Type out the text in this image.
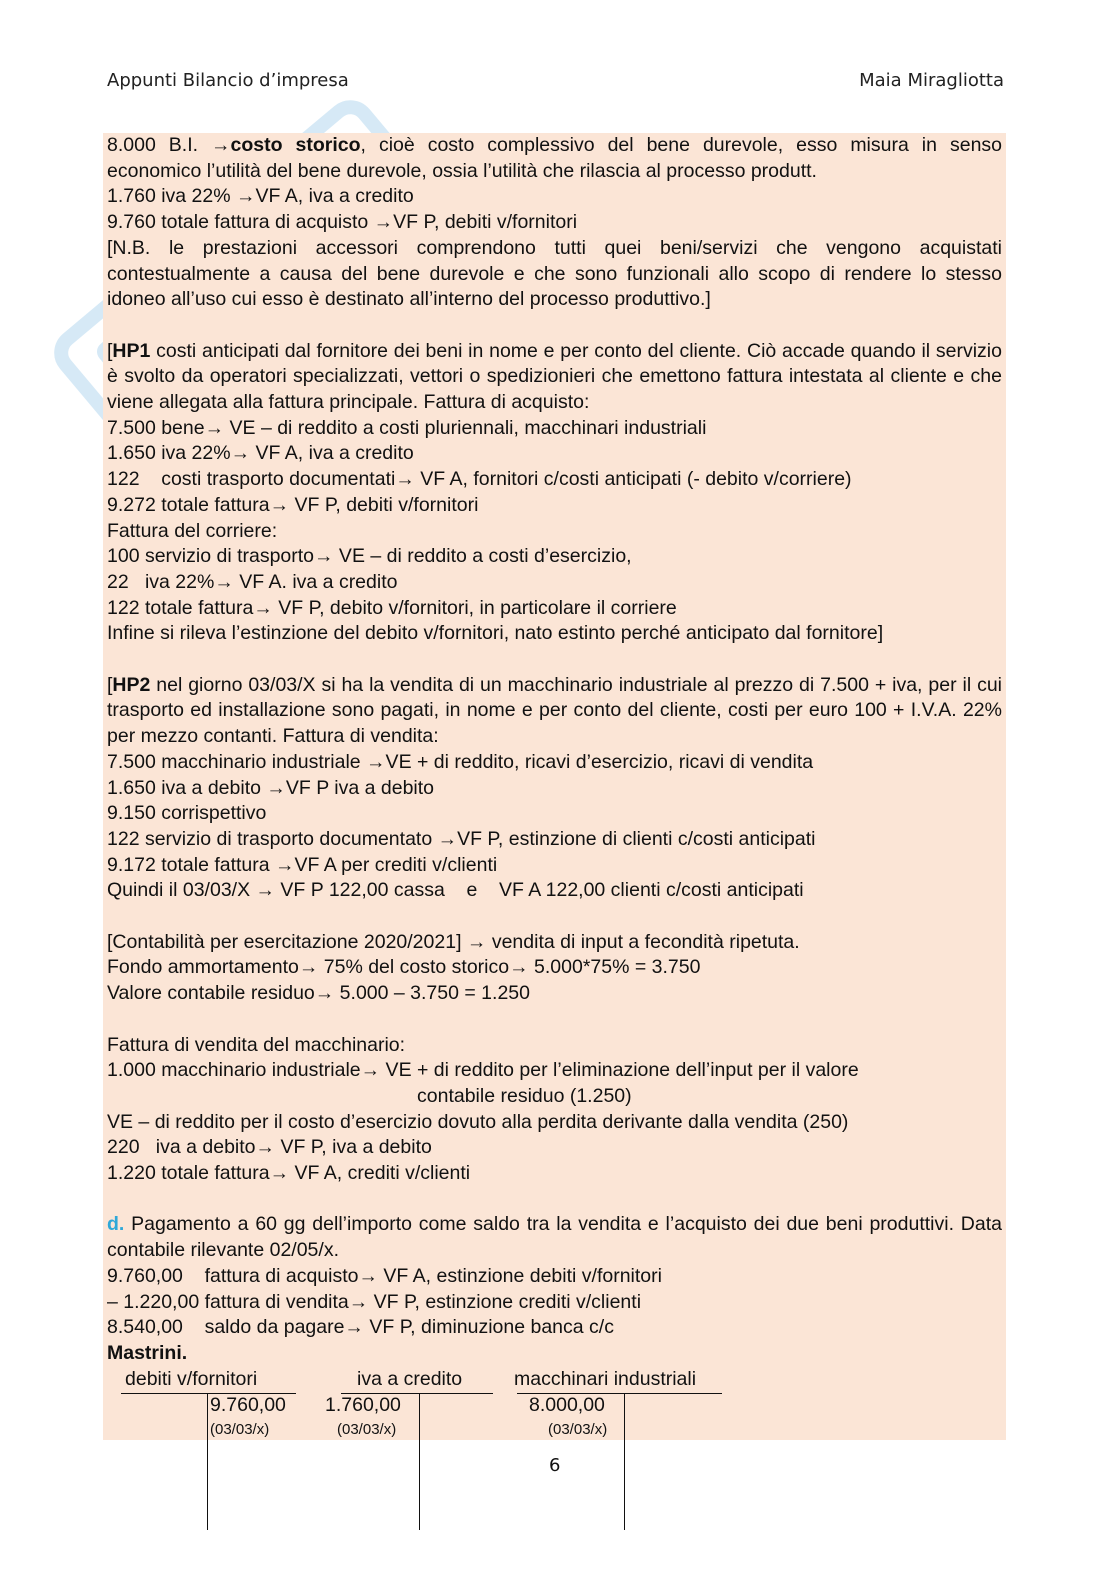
Appunti Bilancio d’impresa	Maia Miragliotta

8.000 B.I. →costo storico, cioè costo complessivo del bene durevole, esso misura in senso economico l’utilità del bene durevole, ossia l’utilità che rilascia al processo produtt.

1.760 iva 22% →VF A, iva a credito

9.760 totale fattura di acquisto →VF P, debiti v/fornitori

[N.B. le prestazioni accessori comprendono tutti quei beni/servizi che vengono acquistati contestualmente a causa del bene durevole e che sono funzionali allo scopo di rendere lo stesso idoneo all’uso cui esso è destinato all’interno del processo produttivo.]

[HP1 costi anticipati dal fornitore dei beni in nome e per conto del cliente. Ciò accade quando il servizio è svolto da operatori specializzati, vettori o spedizionieri che emettono fattura intestata al cliente e che viene allegata alla fattura principale. Fattura di acquisto:

7.500 bene→ VE – di reddito a costi pluriennali, macchinari industriali

1.650 iva 22%→ VF A, iva a credito

122    costi trasporto documentati→ VF A, fornitori c/costi anticipati (- debito v/corriere)

9.272 totale fattura→ VF P, debiti v/fornitori

Fattura del corriere:

100 servizio di trasporto→ VE – di reddito a costi d’esercizio,

22   iva 22%→ VF A. iva a credito

122 totale fattura→ VF P, debito v/fornitori, in particolare il corriere

Infine si rileva l’estinzione del debito v/fornitori, nato estinto perché anticipato dal fornitore]

[HP2 nel giorno 03/03/X si ha la vendita di un macchinario industriale al prezzo di 7.500 + iva, per il cui trasporto ed installazione sono pagati, in nome e per conto del cliente, costi per euro 100 + I.V.A. 22% per mezzo contanti. Fattura di vendita:

7.500 macchinario industriale →VE + di reddito, ricavi d’esercizio, ricavi di vendita

1.650 iva a debito →VF P iva a debito

9.150 corrispettivo

122 servizio di trasporto documentato →VF P, estinzione di clienti c/costi anticipati

9.172 totale fattura →VF A per crediti v/clienti

Quindi il 03/03/X → VF P 122,00 cassa    e    VF A 122,00 clienti c/costi anticipati

[Contabilità per esercitazione 2020/2021] → vendita di input a fecondità ripetuta.

Fondo ammortamento→ 75% del costo storico→ 5.000*75% = 3.750

Valore contabile residuo→ 5.000 – 3.750 = 1.250

Fattura di vendita del macchinario:

1.000 macchinario industriale→ VE + di reddito per l’eliminazione dell’input per il valore

contabile residuo (1.250)

VE – di reddito per il costo d’esercizio dovuto alla perdita derivante dalla vendita (250)

220   iva a debito→ VF P, iva a debito

1.220 totale fattura→ VF A, crediti v/clienti

d. Pagamento a 60 gg dell’importo come saldo tra la vendita e l’acquisto dei due beni produttivi. Data contabile rilevante 02/05/x.

9.760,00    fattura di acquisto→ VF A, estinzione debiti v/fornitori

– 1.220,00 fattura di vendita→ VF P, estinzione crediti v/clienti

8.540,00    saldo da pagare→ VF P, diminuzione banca c/c

Mastrini.

debiti v/fornitori
9.760,00
(03/03/x)
iva a credito
1.760,00
(03/03/x)
macchinari industriali
8.000,00
(03/03/x)
6
